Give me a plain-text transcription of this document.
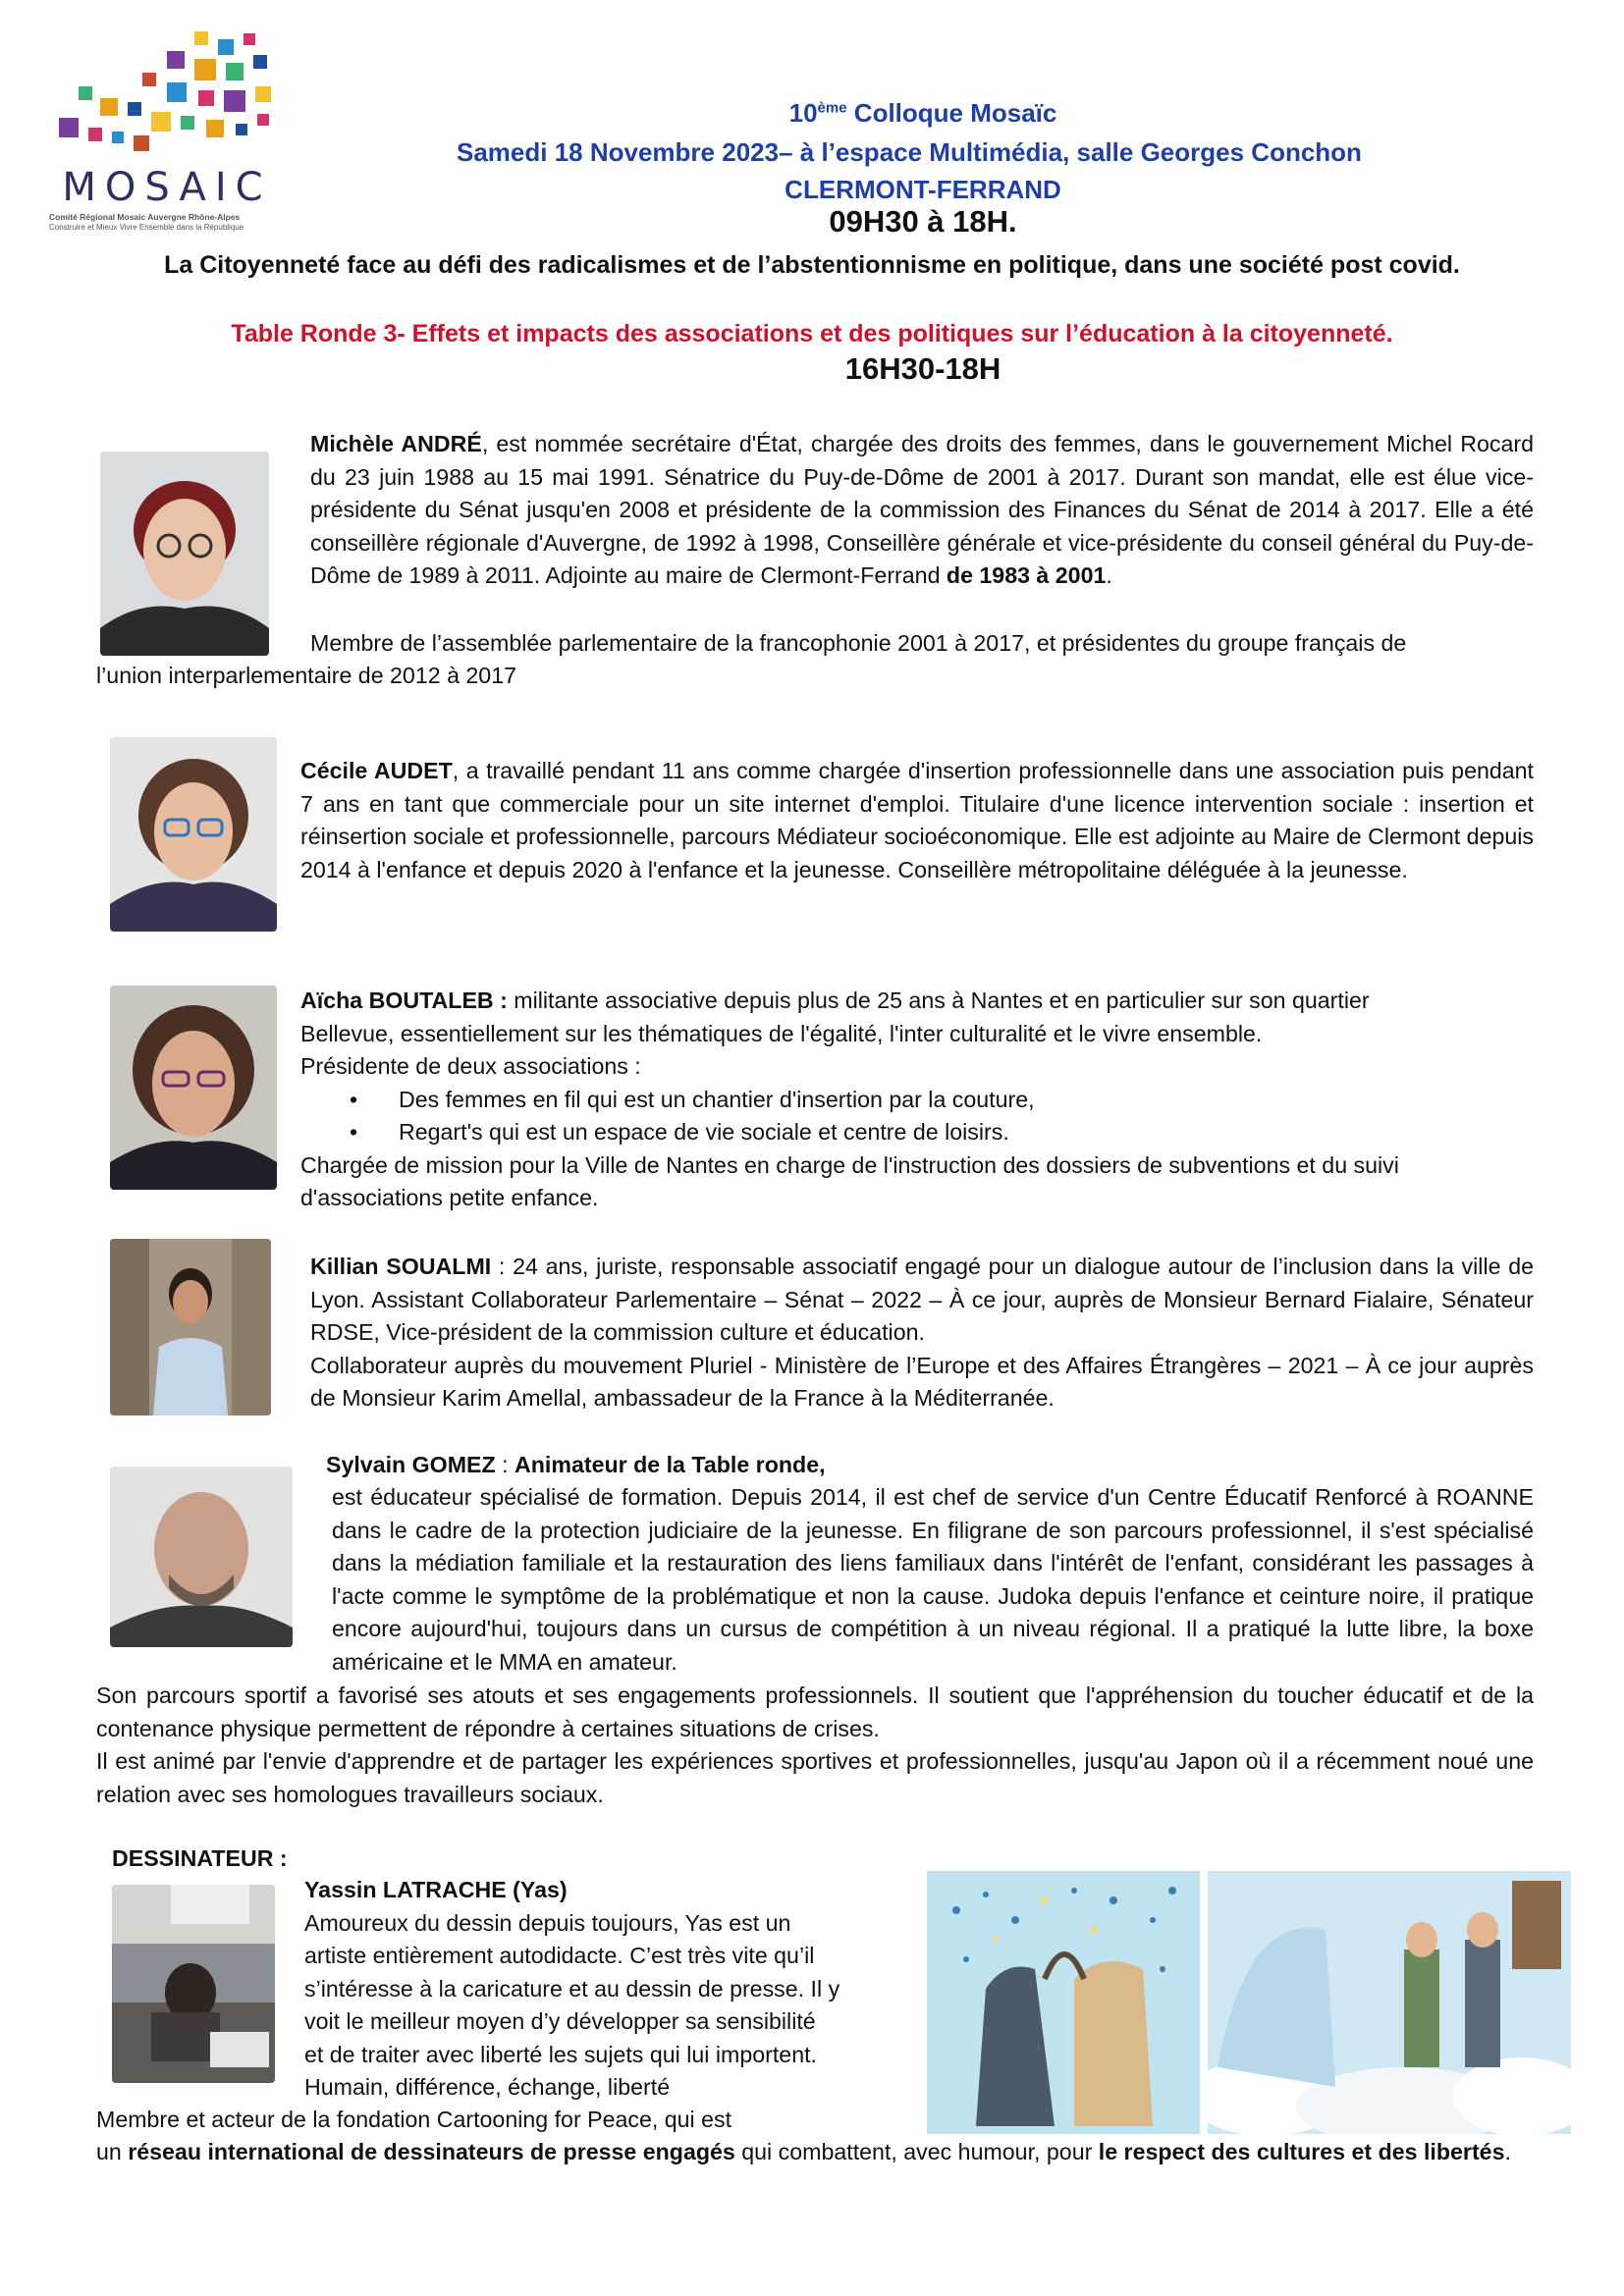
MOSAIC
Comité Régional Mosaic Auvergne Rhône-Alpes
Construire et Mieux Vivre Ensemble dans la République
10ème Colloque Mosaïc
Samedi 18 Novembre 2023– à l’espace Multimédia, salle Georges Conchon
CLERMONT-FERRAND
09H30 à 18H.
La Citoyenneté face au défi des radicalismes et de l’abstentionnisme en politique, dans une société post covid.
Table Ronde 3- Effets et impacts des associations et des politiques sur l’éducation à la citoyenneté.
16H30-18H

Michèle ANDRÉ, est nommée secrétaire d'État, chargée des droits des femmes, dans le gouvernement Michel Rocard du 23 juin 1988 au 15 mai 1991. Sénatrice du Puy-de-Dôme de 2001 à 2017. Durant son mandat, elle est élue vice-présidente du Sénat jusqu'en 2008 et présidente de la commission des Finances du Sénat de 2014 à 2017. Elle a été conseillère régionale d'Auvergne, de 1992 à 1998, Conseillère générale et vice-présidente du conseil général du Puy-de-Dôme de 1989 à 2011. Adjointe au maire de Clermont-Ferrand de 1983 à 2001.

Membre de l’assemblée parlementaire de la francophonie 2001 à 2017, et présidentes du groupe français de
l’union interparlementaire de 2012 à 2017

Cécile AUDET, a travaillé pendant 11 ans comme chargée d'insertion professionnelle dans une association puis pendant 7 ans en tant que commerciale pour un site internet d'emploi. Titulaire d'une licence intervention sociale : insertion et réinsertion sociale et professionnelle, parcours Médiateur socioéconomique. Elle est adjointe au Maire de Clermont depuis 2014 à l'enfance et depuis 2020 à l'enfance et la jeunesse. Conseillère métropolitaine déléguée à la jeunesse.

Aïcha BOUTALEB : militante associative depuis plus de 25 ans à Nantes et en particulier sur son quartier
Bellevue, essentiellement sur les thématiques de l'égalité, l'inter culturalité et le vivre ensemble.
Présidente de deux associations :
• Des femmes en fil qui est un chantier d'insertion par la couture,
• Regart's qui est un espace de vie sociale et centre de loisirs.
Chargée de mission pour la Ville de Nantes en charge de l'instruction des dossiers de subventions et du suivi
d'associations petite enfance.

Killian SOUALMI : 24 ans, juriste, responsable associatif engagé pour un dialogue autour de l’inclusion dans la ville de Lyon. Assistant Collaborateur Parlementaire – Sénat – 2022 – À ce jour, auprès de Monsieur Bernard Fialaire, Sénateur RDSE, Vice-président de la commission culture et éducation.

Collaborateur auprès du mouvement Pluriel - Ministère de l’Europe et des Affaires Étrangères – 2021 – À ce jour auprès de Monsieur Karim Amellal, ambassadeur de la France à la Méditerranée.

Sylvain GOMEZ : Animateur de la Table ronde,

est éducateur spécialisé de formation. Depuis 2014, il est chef de service d'un Centre Éducatif Renforcé à ROANNE dans le cadre de la protection judiciaire de la jeunesse. En filigrane de son parcours professionnel, il s'est spécialisé dans la médiation familiale et la restauration des liens familiaux dans l'intérêt de l'enfant, considérant les passages à l'acte comme le symptôme de la problématique et non la cause. Judoka depuis l'enfance et ceinture noire, il pratique encore aujourd'hui, toujours dans un cursus de compétition à un niveau régional. Il a pratiqué la lutte libre, la boxe américaine et le MMA en amateur.

Son parcours sportif a favorisé ses atouts et ses engagements professionnels. Il soutient que l'appréhension du toucher éducatif et de la contenance physique permettent de répondre à certaines situations de crises.

Il est animé par l'envie d'apprendre et de partager les expériences sportives et professionnelles, jusqu'au Japon où il a récemment noué une relation avec ses homologues travailleurs sociaux.

DESSINATEUR :
Yassin LATRACHE (Yas)
Amoureux du dessin depuis toujours, Yas est un
artiste entièrement autodidacte. C’est très vite qu’il
s’intéresse à la caricature et au dessin de presse. Il y
voit le meilleur moyen d’y développer sa sensibilité
et de traiter avec liberté les sujets qui lui importent.
Humain, différence, échange, liberté
Membre et acteur de la fondation Cartooning for Peace, qui est

un réseau international de dessinateurs de presse engagés qui combattent, avec humour, pour le respect des cultures et des libertés.
